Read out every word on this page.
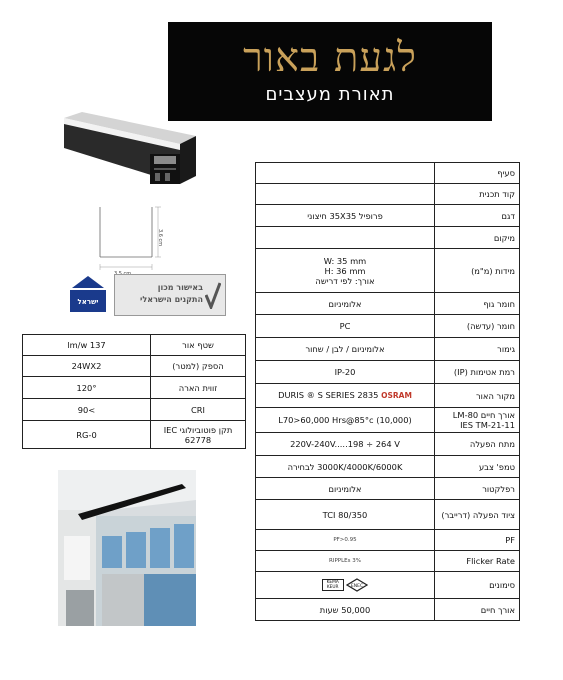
לגעת באור
תאורת מעצבים
3.6 cm
ישראל
באישור מכון
התקנים הישראלי
סעיף	
קוד תכנית	
דגם	פרופיל 35X35 חיצוני
מיקום	
מידות (מ"מ)	W: 35 mm
H: 36 mm
אורך: לפי דרישה

חומר גוף	אלומיניום
חומר (עדשה)	PC
גימור	אלומיניום / לבן / שחור
רמת אטימות (IP)	IP-20
מקור האור	DURIS ® S SERIES 2835 OSRAM
אורך חיים LM-80 IES TM-21-11	L70>60,000 Hrs@85°c (10,000)
מתח הפעלה	220V-240V.....198 ÷ 264 V
טמפ' צבע	3000K/4000K/6000K לבחירה
רפלקטור	אלומיניום
ציוד הפעלה (דרייבר)	80/350 TCI
PF	PF>0.95
Flicker Rate	RIPPLEs 3%
סימונים	ENEC
KEMA KEUR
אורך חיים	50,000 שעות
שטף אור	137 lm/w
הספק (למטר)	24WX2
זווית הארה	120°
CRI	>90
תקן פוטוביולוגי IEC 62778	RG-0
